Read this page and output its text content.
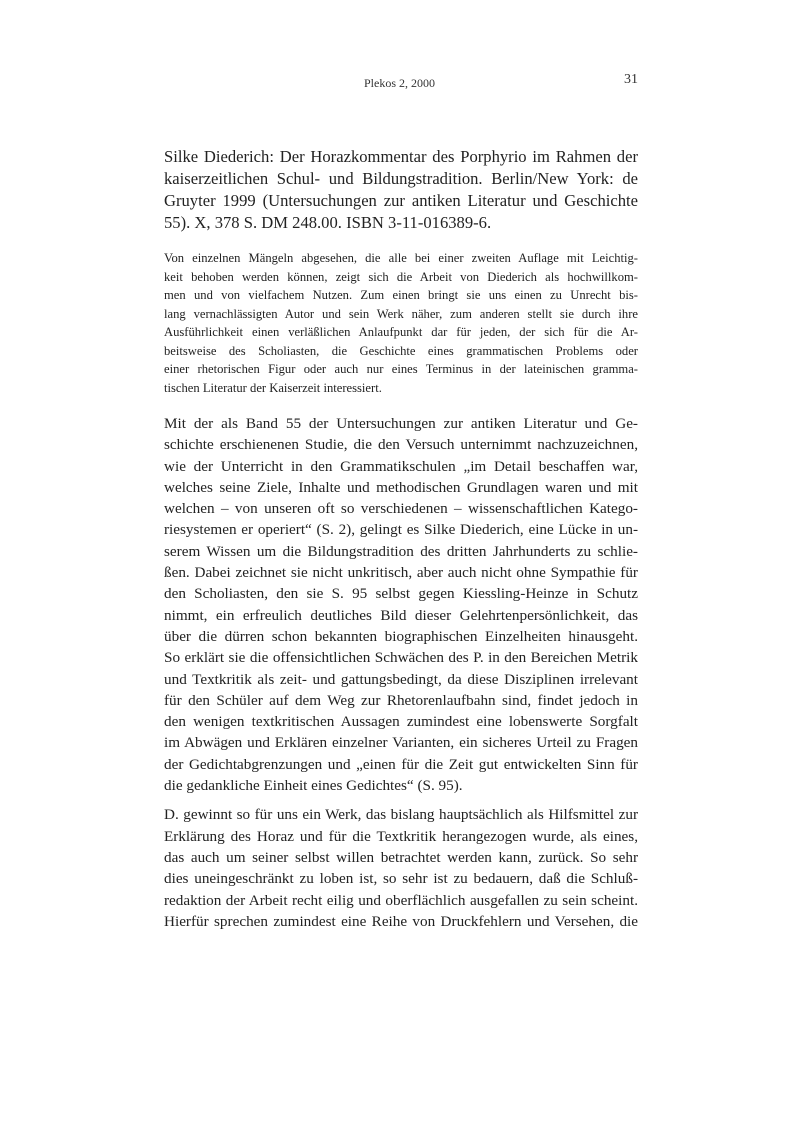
Plekos 2, 2000	31
Silke Diederich: Der Horazkommentar des Porphyrio im Rahmen der
kaiserzeitlichen Schul- und Bildungstradition. Berlin/New York: de
Gruyter 1999 (Untersuchungen zur antiken Literatur und Geschichte
55). X, 378 S. DM 248.00. ISBN 3-11-016389-6.
Von einzelnen Mängeln abgesehen, die alle bei einer zweiten Auflage mit Leichtig-
keit behoben werden können, zeigt sich die Arbeit von Diederich als hochwillkom-
men und von vielfachem Nutzen. Zum einen bringt sie uns einen zu Unrecht bis-
lang vernachlässigten Autor und sein Werk näher, zum anderen stellt sie durch ihre
Ausführlichkeit einen verläßlichen Anlaufpunkt dar für jeden, der sich für die Ar-
beitsweise des Scholiasten, die Geschichte eines grammatischen Problems oder
einer rhetorischen Figur oder auch nur eines Terminus in der lateinischen gramma-
tischen Literatur der Kaiserzeit interessiert.
Mit der als Band 55 der Untersuchungen zur antiken Literatur und Ge-
schichte erschienenen Studie, die den Versuch unternimmt nachzuzeichnen,
wie der Unterricht in den Grammatikschulen „im Detail beschaffen war,
welches seine Ziele, Inhalte und methodischen Grundlagen waren und mit
welchen – von unseren oft so verschiedenen – wissenschaftlichen Katego-
riesystemen er operiert“ (S. 2), gelingt es Silke Diederich, eine Lücke in un-
serem Wissen um die Bildungstradition des dritten Jahrhunderts zu schlie-
ßen. Dabei zeichnet sie nicht unkritisch, aber auch nicht ohne Sympathie für
den Scholiasten, den sie S. 95 selbst gegen Kiessling-Heinze in Schutz
nimmt, ein erfreulich deutliches Bild dieser Gelehrtenpersönlichkeit, das
über die dürren schon bekannten biographischen Einzelheiten hinausgeht.
So erklärt sie die offensichtlichen Schwächen des P. in den Bereichen Metrik
und Textkritik als zeit- und gattungsbedingt, da diese Disziplinen irrelevant
für den Schüler auf dem Weg zur Rhetorenlaufbahn sind, findet jedoch in
den wenigen textkritischen Aussagen zumindest eine lobenswerte Sorgfalt
im Abwägen und Erklären einzelner Varianten, ein sicheres Urteil zu Fragen
der Gedichtabgrenzungen und „einen für die Zeit gut entwickelten Sinn für
die gedankliche Einheit eines Gedichtes“ (S. 95).
D. gewinnt so für uns ein Werk, das bislang hauptsächlich als Hilfsmittel zur
Erklärung des Horaz und für die Textkritik herangezogen wurde, als eines,
das auch um seiner selbst willen betrachtet werden kann, zurück. So sehr
dies uneingeschränkt zu loben ist, so sehr ist zu bedauern, daß die Schluß-
redaktion der Arbeit recht eilig und oberflächlich ausgefallen zu sein scheint.
Hierfür sprechen zumindest eine Reihe von Druckfehlern und Versehen, die
